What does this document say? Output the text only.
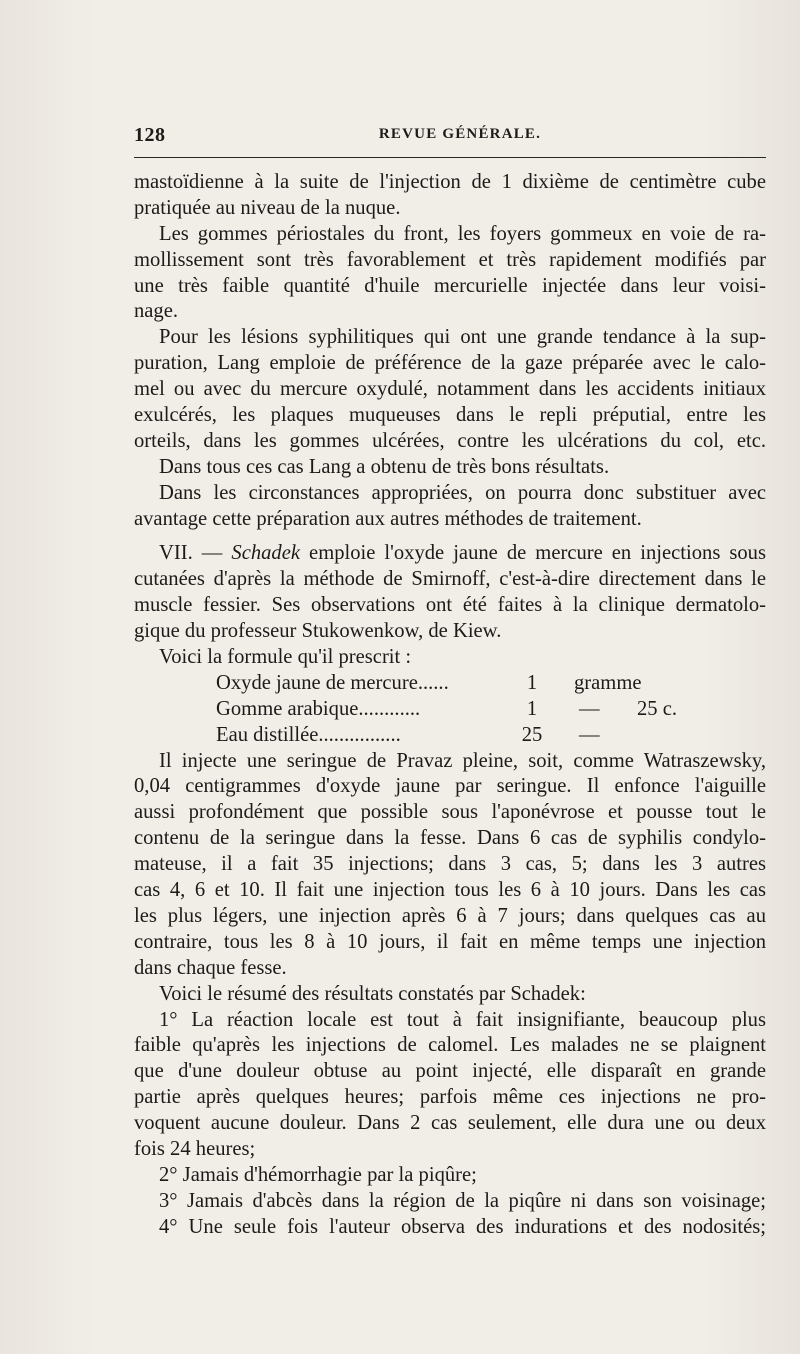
128	REVUE GÉNÉRALE.
mastoïdienne à la suite de l'injection de 1 dixième de centimètre cube
pratiquée au niveau de la nuque.
Les gommes périostales du front, les foyers gommeux en voie de ra-
mollissement sont très favorablement et très rapidement modifiés par
une très faible quantité d'huile mercurielle injectée dans leur voisi-
nage.
Pour les lésions syphilitiques qui ont une grande tendance à la sup-
puration, Lang emploie de préférence de la gaze préparée avec le calo-
mel ou avec du mercure oxydulé, notamment dans les accidents initiaux
exulcérés, les plaques muqueuses dans le repli préputial, entre les
orteils, dans les gommes ulcérées, contre les ulcérations du col, etc.
Dans tous ces cas Lang a obtenu de très bons résultats.
Dans les circonstances appropriées, on pourra donc substituer avec
avantage cette préparation aux autres méthodes de traitement.
VII. — Schadek emploie l'oxyde jaune de mercure en injections sous
cutanées d'après la méthode de Smirnoff, c'est-à-dire directement dans le
muscle fessier. Ses observations ont été faites à la clinique dermatolo-
gique du professeur Stukowenkow, de Kiew.
Voici la formule qu'il prescrit :
Oxyde jaune de mercure......	1	gramme
Gomme arabique............	1	— 25 c.
Eau distillée................	25 —
Il injecte une seringue de Pravaz pleine, soit, comme Watraszewsky,
0,04 centigrammes d'oxyde jaune par seringue. Il enfonce l'aiguille
aussi profondément que possible sous l'aponévrose et pousse tout le
contenu de la seringue dans la fesse. Dans 6 cas de syphilis condylo-
mateuse, il a fait 35 injections; dans 3 cas, 5; dans les 3 autres
cas 4, 6 et 10. Il fait une injection tous les 6 à 10 jours. Dans les cas
les plus légers, une injection après 6 à 7 jours; dans quelques cas au
contraire, tous les 8 à 10 jours, il fait en même temps une injection
dans chaque fesse.
Voici le résumé des résultats constatés par Schadek:
1° La réaction locale est tout à fait insignifiante, beaucoup plus
faible qu'après les injections de calomel. Les malades ne se plaignent
que d'une douleur obtuse au point injecté, elle disparaît en grande
partie après quelques heures; parfois même ces injections ne pro-
voquent aucune douleur. Dans 2 cas seulement, elle dura une ou deux
fois 24 heures;
2° Jamais d'hémorrhagie par la piqûre;
3° Jamais d'abcès dans la région de la piqûre ni dans son voisinage;
4° Une seule fois l'auteur observa des indurations et des nodosités;
